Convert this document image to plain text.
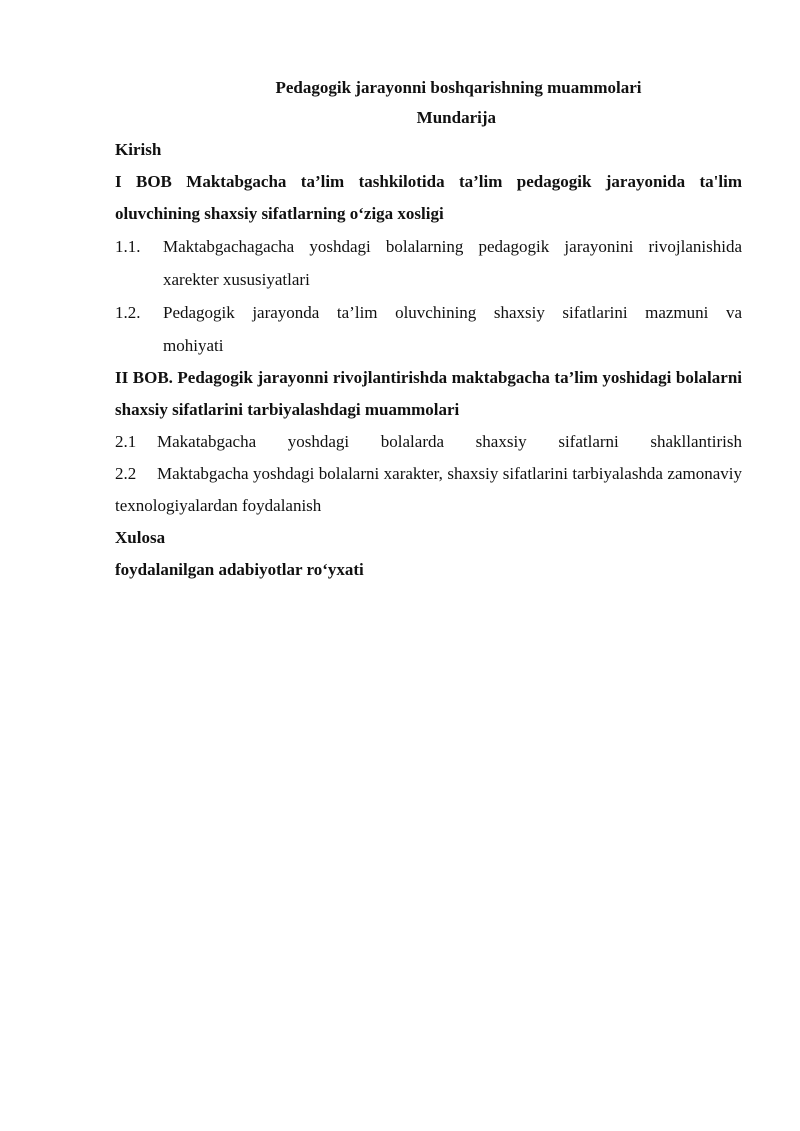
Pedagogik jarayonni boshqarishning muammolari
Mundarija
Kirish
I BOB Maktabgacha ta’lim tashkilotida ta’lim pedagogik jarayonida ta'lim oluvchining shaxsiy sifatlarning o‘ziga xosligi
1.1.	Maktabgachagacha yoshdagi bolalarning pedagogik jarayonini rivojlanishida
xarekter xususiyatlari
1.2.	Pedagogik jarayonda ta’lim oluvchining shaxsiy sifatlarini mazmuni va
mohiyati
II BOB. Pedagogik jarayonni rivojlantirishda maktabgacha ta’lim yoshidagi bolalarni shaxsiy sifatlarini tarbiyalashdagi muammolari
2.1 Makatabgacha yoshdagi bolalarda shaxsiy sifatlarni shakllantirish
2.2 Maktabgacha yoshdagi bolalarni xarakter, shaxsiy sifatlarini tarbiyalashda zamonaviy texnologiyalardan foydalanish
Xulosa
foydalanilgan adabiyotlar ro‘yxati
